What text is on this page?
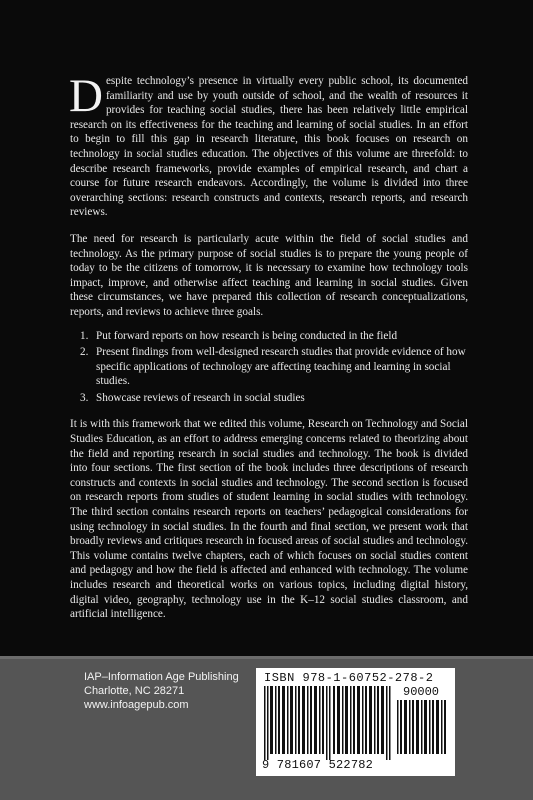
Despite technology’s presence in virtually every public school, its documented familiarity and use by youth outside of school, and the wealth of resources it provides for teaching social studies, there has been relatively little empirical research on its effectiveness for the teaching and learning of social studies. In an effort to begin to fill this gap in research literature, this book focuses on research on technology in social studies education. The objectives of this volume are threefold: to describe research frameworks, provide examples of empirical research, and chart a course for future research endeavors. Accordingly, the volume is divided into three overarching sections: research constructs and contexts, research reports, and research reviews.

The need for research is particularly acute within the field of social studies and technology. As the primary purpose of social studies is to prepare the young people of today to be the citizens of tomorrow, it is necessary to examine how technology tools impact, improve, and otherwise affect teaching and learning in social studies. Given these circumstances, we have prepared this collection of research conceptualizations, reports, and reviews to achieve three goals.

1. Put forward reports on how research is being conducted in the field
2. Present findings from well-designed research studies that provide evidence of how specific applications of technology are affecting teaching and learning in social studies.
3. Showcase reviews of research in social studies

It is with this framework that we edited this volume, Research on Technology and Social Studies Education, as an effort to address emerging concerns related to theorizing about the field and reporting research in social studies and technology. The book is divided into four sections. The first section of the book includes three descriptions of research constructs and contexts in social studies and technology. The second section is focused on research reports from studies of student learning in social studies with technology. The third section contains research reports on teachers’ pedagogical considerations for using technology in social studies. In the fourth and final section, we present work that broadly reviews and critiques research in focused areas of social studies and technology. This volume contains twelve chapters, each of which focuses on social studies content and pedagogy and how the field is affected and enhanced with technology. The volume includes research and theoretical works on various topics, including digital history, digital video, geography, technology use in the K–12 social studies classroom, and artificial intelligence.

IAP–Information Age Publishing
Charlotte, NC 28271
www.infoagepub.com
ISBN 978-1-60752-278-2
90000
9 781607 522782
